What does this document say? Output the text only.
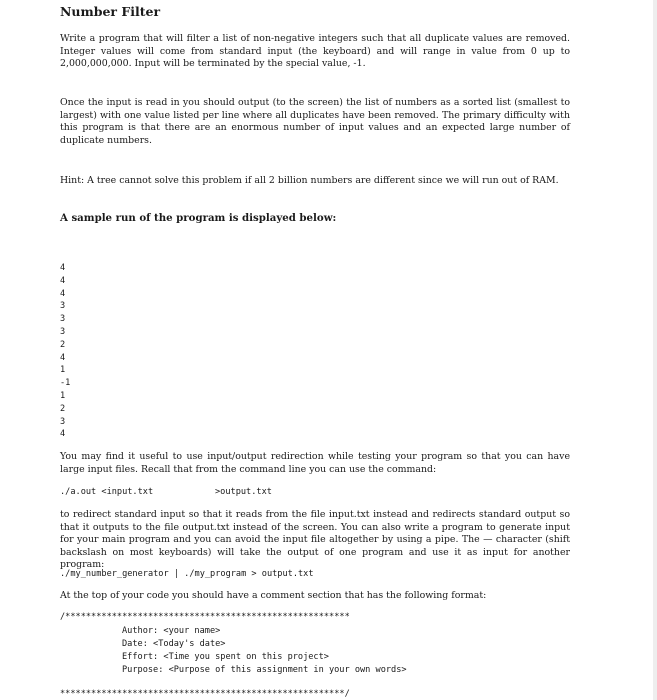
Number Filter

Write a program that will filter a list of non-negative integers such that all duplicate values are removed. Integer values will come from standard input (the keyboard) and will range in value from 0 up to 2,000,000,000. Input will be terminated by the special value, -1.

Once the input is read in you should output (to the screen) the list of numbers as a sorted list (smallest to largest) with one value listed per line where all duplicates have been removed. The primary difficulty with this program is that there are an enormous number of input values and an expected large number of duplicate numbers.

Hint: A tree cannot solve this problem if all 2 billion numbers are different since we will run out of RAM.

A sample run of the program is displayed below:

4
4
4
3
3
3
2
4
1
-1
1
2
3
4

You may find it useful to use input/output redirection while testing your program so that you can have large input files. Recall that from the command line you can use the command:

./a.out <input.txt	>output.txt

to redirect standard input so that it reads from the file input.txt instead and redirects standard output so that it outputs to the file output.txt instead of the screen. You can also write a program to generate input for your main program and you can avoid the input file altogether by using a pipe. The — character (shift backslash on most keyboards) will take the output of one program and use it as input for another program:

./my_number_generator | ./my_program > output.txt

At the top of your code you should have a comment section that has the following format:

/*******************************************************
Author: <your name>
Date: <Today's date>
Effort: <Time you spent on this project>
Purpose: <Purpose of this assignment in your own words>
*******************************************************/
